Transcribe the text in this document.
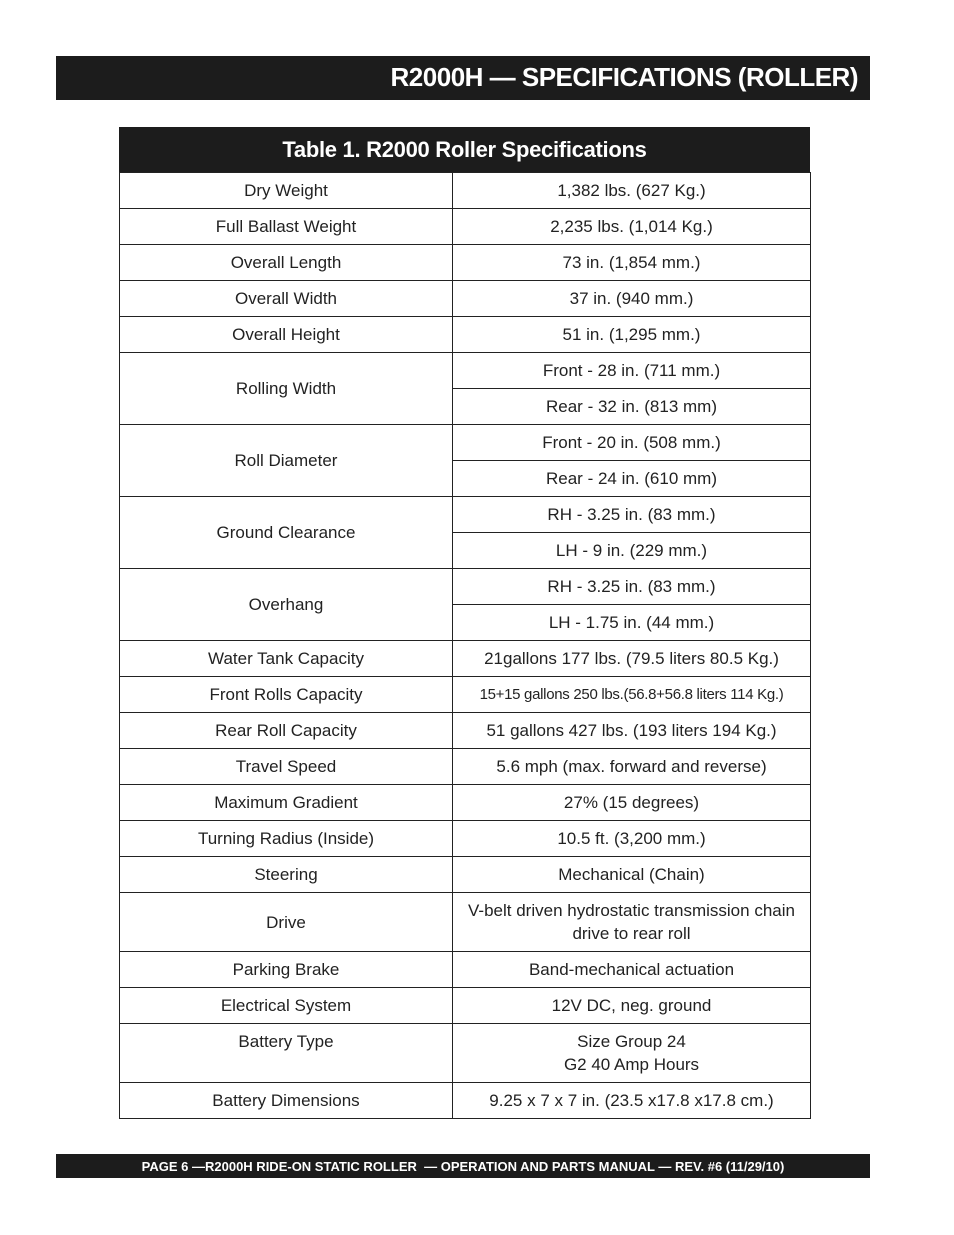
R2000H — SPECIFICATIONS (ROLLER)
Table 1. R2000 Roller Specifications
Dry Weight	1,382 lbs. (627 Kg.)
Full Ballast Weight	2,235 lbs. (1,014 Kg.)
Overall Length	73 in. (1,854 mm.)
Overall Width	37 in. (940 mm.)
Overall Height	51 in. (1,295 mm.)
Rolling Width	Front - 28 in. (711 mm.)
	Rear - 32 in. (813 mm)
Roll Diameter	Front - 20 in. (508 mm.)
	Rear - 24 in. (610 mm)
Ground Clearance	RH - 3.25 in. (83 mm.)
	LH - 9 in. (229 mm.)
Overhang	RH - 3.25 in. (83 mm.)
	LH - 1.75 in. (44 mm.)
Water Tank Capacity	21gallons 177 lbs. (79.5 liters 80.5 Kg.)
Front Rolls Capacity	15+15 gallons 250 lbs.(56.8+56.8 liters 114 Kg.)
Rear Roll Capacity	51 gallons 427 lbs. (193 liters 194 Kg.)
Travel Speed	5.6 mph (max. forward and reverse)
Maximum Gradient	27% (15 degrees)
Turning Radius (Inside)	10.5 ft. (3,200 mm.)
Steering	Mechanical (Chain)
Drive	V-belt driven hydrostatic transmission chain drive to rear roll
Parking Brake	Band-mechanical actuation
Electrical System	12V DC, neg. ground
Battery Type	Size Group 24
G2 40 Amp Hours
Battery Dimensions	9.25 x 7 x 7 in. (23.5 x17.8 x17.8 cm.)
PAGE 6 —R2000H RIDE-ON STATIC ROLLER  — OPERATION AND PARTS MANUAL — REV. #6 (11/29/10)
